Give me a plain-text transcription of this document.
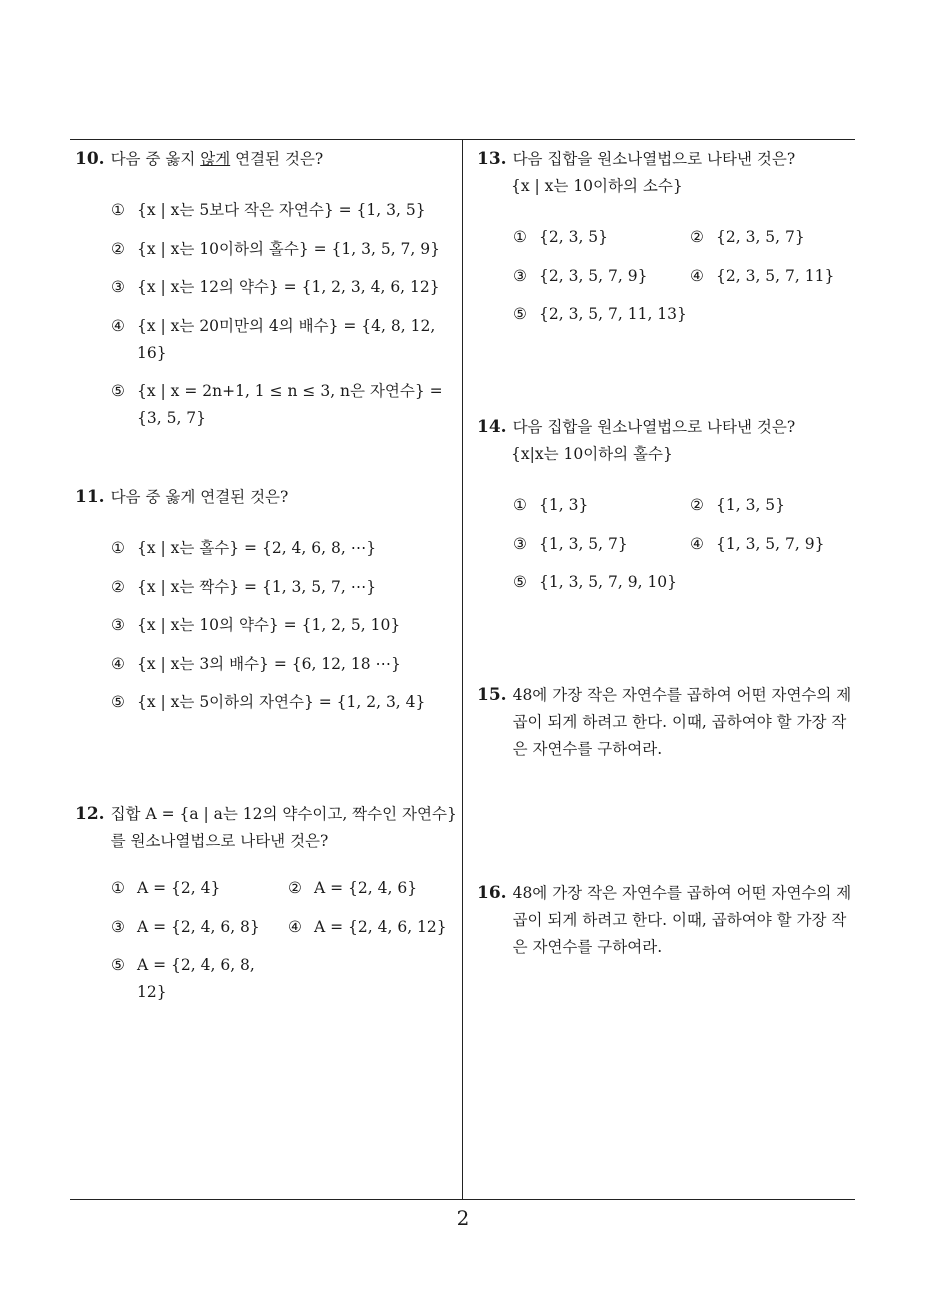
10. 다음 중 옳지 않게 연결된 것은?
① {x | x는 5보다 작은 자연수} = {1, 3, 5}
② {x | x는 10이하의 홀수} = {1, 3, 5, 7, 9}
③ {x | x는 12의 약수} = {1, 2, 3, 4, 6, 12}
④ {x | x는 20미만의 4의 배수} = {4, 8, 12, 16}
⑤ {x | x = 2n+1, 1 ≤ n ≤ 3, n은 자연수} = {3, 5, 7}
11. 다음 중 옳게 연결된 것은?
① {x | x는 홀수} = {2, 4, 6, 8, ⋯}
② {x | x는 짝수} = {1, 3, 5, 7, ⋯}
③ {x | x는 10의 약수} = {1, 2, 5, 10}
④ {x | x는 3의 배수} = {6, 12, 18 ⋯}
⑤ {x | x는 5이하의 자연수} = {1, 2, 3, 4}
12. 집합 A = {a | a는 12의 약수이고, 짝수인 자연수}를 원소나열법으로 나타낸 것은?
① A = {2, 4}	② A = {2, 4, 6}
③ A = {2, 4, 6, 8} ④ A = {2, 4, 6, 12}
⑤ A = {2, 4, 6, 8, 12}
13. 다음 집합을 원소나열법으로 나타낸 것은?
{x | x는 10이하의 소수}
① {2, 3, 5}	② {2, 3, 5, 7}
③ {2, 3, 5, 7, 9}	④ {2, 3, 5, 7, 11}
⑤ {2, 3, 5, 7, 11, 13}
14. 다음 집합을 원소나열법으로 나타낸 것은?
{x|x는 10이하의 홀수}
① {1, 3}	② {1, 3, 5}
③ {1, 3, 5, 7}	④ {1, 3, 5, 7, 9}
⑤ {1, 3, 5, 7, 9, 10}
15. 48에 가장 작은 자연수를 곱하여 어떤 자연수의 제곱이 되게 하려고 한다. 이때, 곱하여야 할 가장 작은 자연수를 구하여라.
16. 48에 가장 작은 자연수를 곱하여 어떤 자연수의 제곱이 되게 하려고 한다. 이때, 곱하여야 할 가장 작은 자연수를 구하여라.
2
